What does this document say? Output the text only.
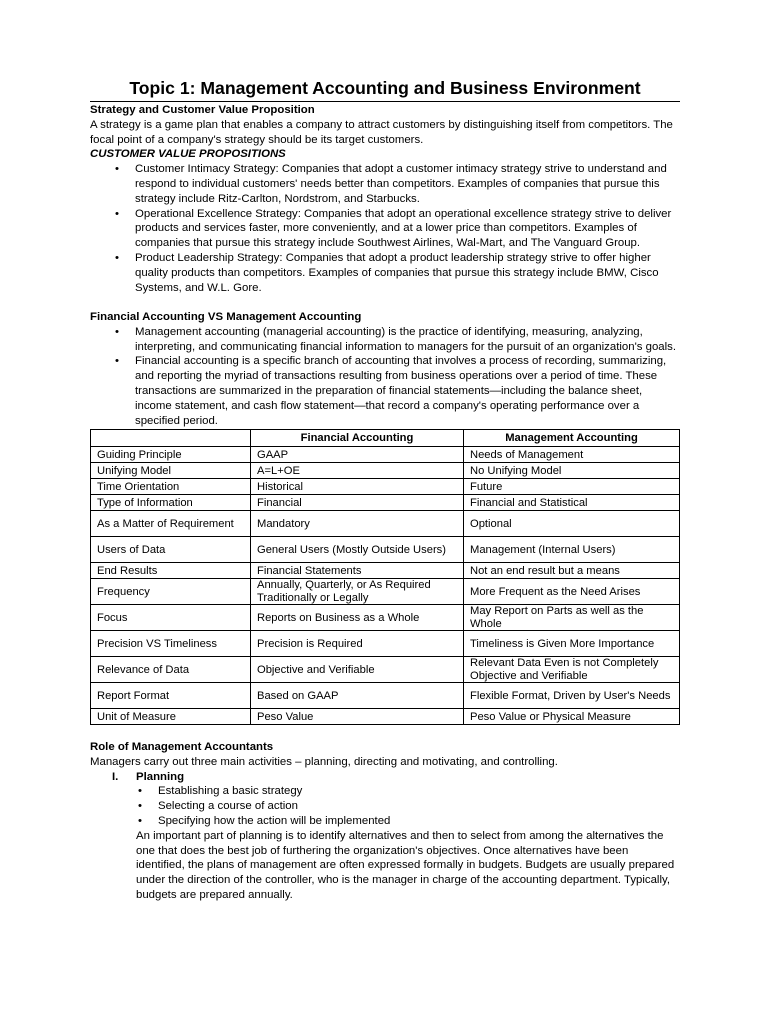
Topic 1: Management Accounting and Business Environment
Strategy and Customer Value Proposition

A strategy is a game plan that enables a company to attract customers by distinguishing itself from competitors. The focal point of a company's strategy should be its target customers.

CUSTOMER VALUE PROPOSITIONS
• Customer Intimacy Strategy: Companies that adopt a customer intimacy strategy strive to understand and respond to individual customers' needs better than competitors. Examples of companies that pursue this strategy include Ritz-Carlton, Nordstrom, and Starbucks.
• Operational Excellence Strategy: Companies that adopt an operational excellence strategy strive to deliver products and services faster, more conveniently, and at a lower price than competitors. Examples of companies that pursue this strategy include Southwest Airlines, Wal-Mart, and The Vanguard Group.
• Product Leadership Strategy: Companies that adopt a product leadership strategy strive to offer higher quality products than competitors. Examples of companies that pursue this strategy include BMW, Cisco Systems, and W.L. Gore.
Financial Accounting VS Management Accounting
• Management accounting (managerial accounting) is the practice of identifying, measuring, analyzing, interpreting, and communicating financial information to managers for the pursuit of an organization's goals.
• Financial accounting is a specific branch of accounting that involves a process of recording, summarizing, and reporting the myriad of transactions resulting from business operations over a period of time. These transactions are summarized in the preparation of financial statements—including the balance sheet, income statement, and cash flow statement—that record a company's operating performance over a specified period.
	Financial Accounting	Management Accounting
Guiding Principle	GAAP	Needs of Management
Unifying Model	A=L+OE	No Unifying Model
Time Orientation	Historical	Future
Type of Information	Financial	Financial and Statistical
As a Matter of Requirement	Mandatory	Optional
Users of Data	General Users (Mostly Outside Users)	Management (Internal Users)
End Results	Financial Statements	Not an end result but a means
Frequency	Annually, Quarterly, or As Required Traditionally or Legally	More Frequent as the Need Arises
Focus	Reports on Business as a Whole	May Report on Parts as well as the Whole
Precision VS Timeliness	Precision is Required	Timeliness is Given More Importance
Relevance of Data	Objective and Verifiable	Relevant Data Even is not Completely Objective and Verifiable
Report Format	Based on GAAP	Flexible Format, Driven by User's Needs
Unit of Measure	Peso Value	Peso Value or Physical Measure
Role of Management Accountants

Managers carry out three main activities – planning, directing and motivating, and controlling.

I. Planning
• Establishing a basic strategy
• Selecting a course of action
• Specifying how the action will be implemented

An important part of planning is to identify alternatives and then to select from among the alternatives the one that does the best job of furthering the organization's objectives. Once alternatives have been identified, the plans of management are often expressed formally in budgets. Budgets are usually prepared under the direction of the controller, who is the manager in charge of the accounting department. Typically, budgets are prepared annually.
